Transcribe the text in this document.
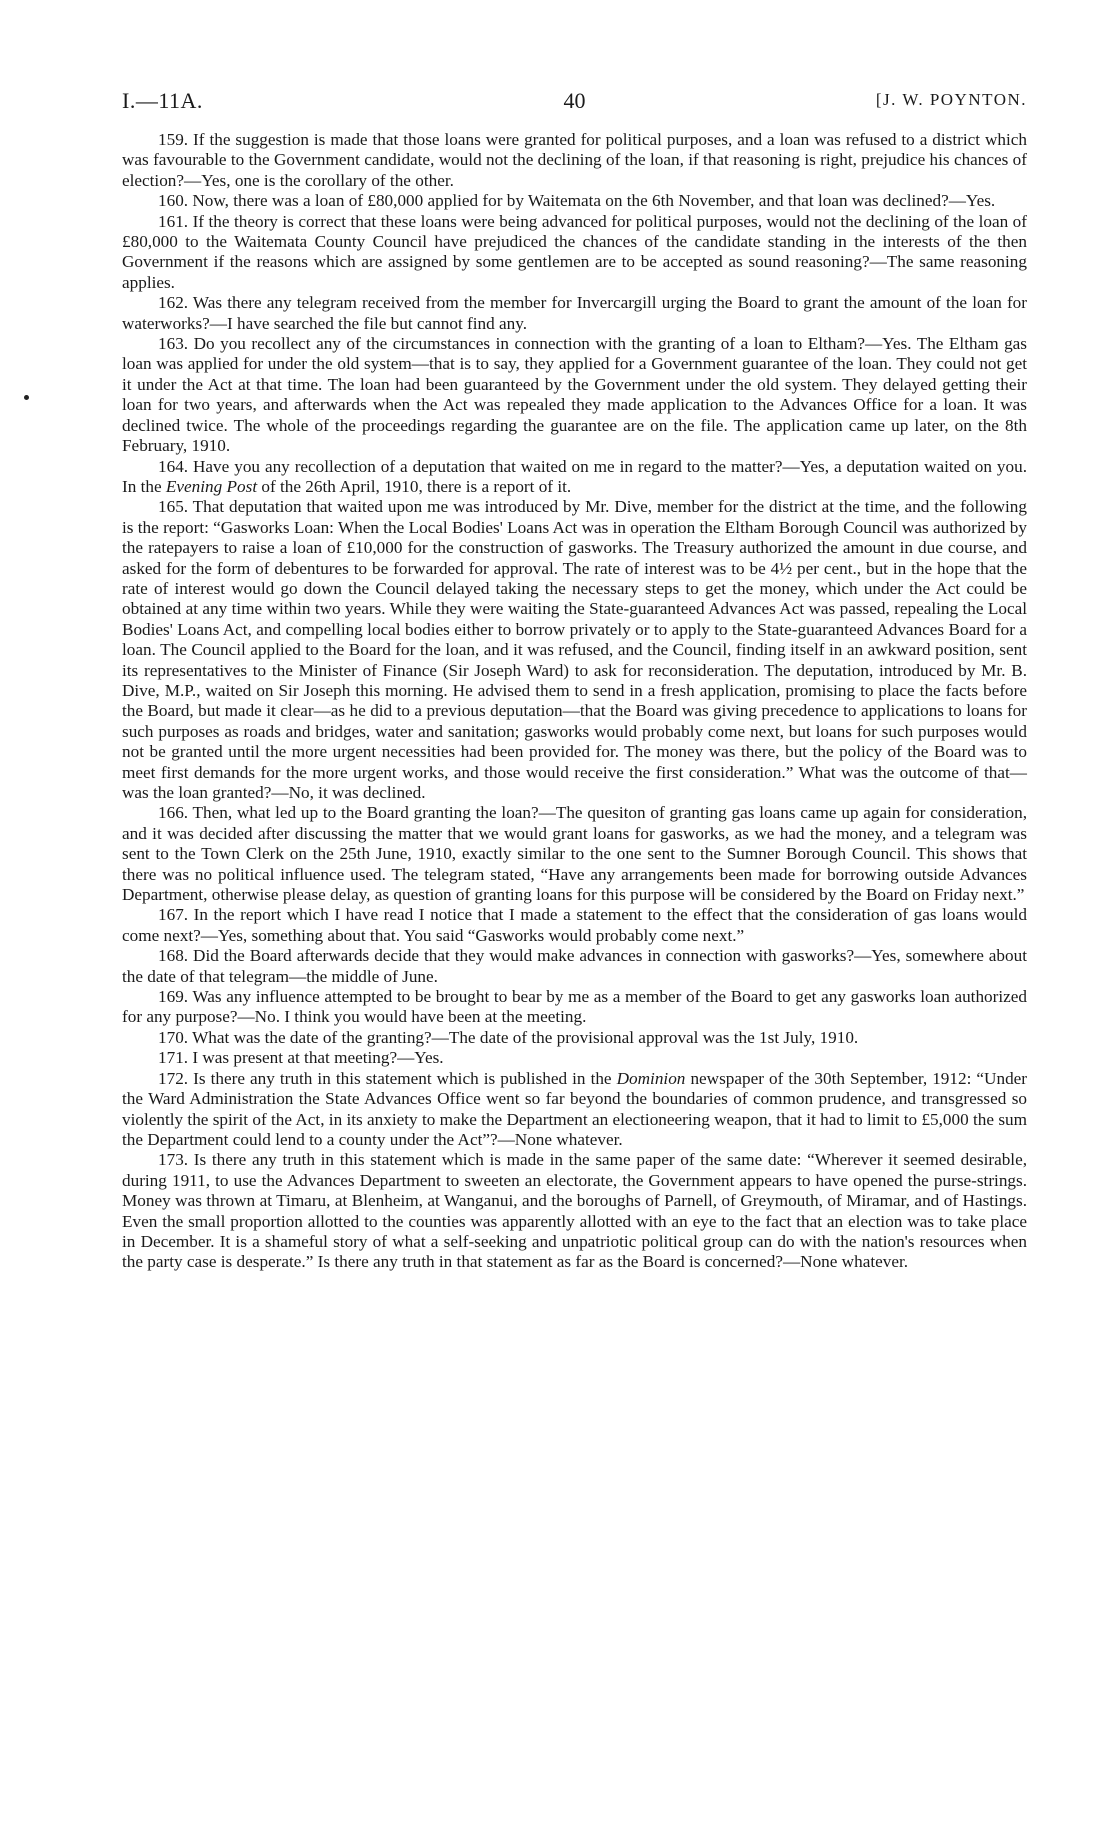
I.—11A.	40	[J. W. POYNTON.

159. If the suggestion is made that those loans were granted for political purposes, and a loan was refused to a district which was favourable to the Government candidate, would not the declining of the loan, if that reasoning is right, prejudice his chances of election?—Yes, one is the corollary of the other.

160. Now, there was a loan of £80,000 applied for by Waitemata on the 6th November, and that loan was declined?—Yes.

161. If the theory is correct that these loans were being advanced for political purposes, would not the declining of the loan of £80,000 to the Waitemata County Council have prejudiced the chances of the candidate standing in the interests of the then Government if the reasons which are assigned by some gentlemen are to be accepted as sound reasoning?—The same reasoning applies.

162. Was there any telegram received from the member for Invercargill urging the Board to grant the amount of the loan for waterworks?—I have searched the file but cannot find any.

163. Do you recollect any of the circumstances in connection with the granting of a loan to Eltham?—Yes. The Eltham gas loan was applied for under the old system—that is to say, they applied for a Government guarantee of the loan. They could not get it under the Act at that time. The loan had been guaranteed by the Government under the old system. They delayed getting their loan for two years, and afterwards when the Act was repealed they made application to the Advances Office for a loan. It was declined twice. The whole of the proceedings regarding the guarantee are on the file. The application came up later, on the 8th February, 1910.

164. Have you any recollection of a deputation that waited on me in regard to the matter?—Yes, a deputation waited on you. In the Evening Post of the 26th April, 1910, there is a report of it.

165. That deputation that waited upon me was introduced by Mr. Dive, member for the district at the time, and the following is the report: “Gasworks Loan: When the Local Bodies' Loans Act was in operation the Eltham Borough Council was authorized by the ratepayers to raise a loan of £10,000 for the construction of gasworks. The Treasury authorized the amount in due course, and asked for the form of debentures to be forwarded for approval. The rate of interest was to be 4½ per cent., but in the hope that the rate of interest would go down the Council delayed taking the necessary steps to get the money, which under the Act could be obtained at any time within two years. While they were waiting the State-guaranteed Advances Act was passed, repealing the Local Bodies' Loans Act, and compelling local bodies either to borrow privately or to apply to the State-guaranteed Advances Board for a loan. The Council applied to the Board for the loan, and it was refused, and the Council, finding itself in an awkward position, sent its representatives to the Minister of Finance (Sir Joseph Ward) to ask for reconsideration. The deputation, introduced by Mr. B. Dive, M.P., waited on Sir Joseph this morning. He advised them to send in a fresh application, promising to place the facts before the Board, but made it clear—as he did to a previous deputation—that the Board was giving precedence to applications to loans for such purposes as roads and bridges, water and sanitation; gasworks would probably come next, but loans for such purposes would not be granted until the more urgent necessities had been provided for. The money was there, but the policy of the Board was to meet first demands for the more urgent works, and those would receive the first consideration.” What was the outcome of that—was the loan granted?—No, it was declined.

166. Then, what led up to the Board granting the loan?—The quesiton of granting gas loans came up again for consideration, and it was decided after discussing the matter that we would grant loans for gasworks, as we had the money, and a telegram was sent to the Town Clerk on the 25th June, 1910, exactly similar to the one sent to the Sumner Borough Council. This shows that there was no political influence used. The telegram stated, “Have any arrangements been made for borrowing outside Advances Department, otherwise please delay, as question of granting loans for this purpose will be considered by the Board on Friday next.”

167. In the report which I have read I notice that I made a statement to the effect that the consideration of gas loans would come next?—Yes, something about that. You said “Gasworks would probably come next.”

168. Did the Board afterwards decide that they would make advances in connection with gasworks?—Yes, somewhere about the date of that telegram—the middle of June.

169. Was any influence attempted to be brought to bear by me as a member of the Board to get any gasworks loan authorized for any purpose?—No. I think you would have been at the meeting.

170. What was the date of the granting?—The date of the provisional approval was the 1st July, 1910.

171. I was present at that meeting?—Yes.

172. Is there any truth in this statement which is published in the Dominion newspaper of the 30th September, 1912: “Under the Ward Administration the State Advances Office went so far beyond the boundaries of common prudence, and transgressed so violently the spirit of the Act, in its anxiety to make the Department an electioneering weapon, that it had to limit to £5,000 the sum the Department could lend to a county under the Act”?—None whatever.

173. Is there any truth in this statement which is made in the same paper of the same date: “Wherever it seemed desirable, during 1911, to use the Advances Department to sweeten an electorate, the Government appears to have opened the purse-strings. Money was thrown at Timaru, at Blenheim, at Wanganui, and the boroughs of Parnell, of Greymouth, of Miramar, and of Hastings. Even the small proportion allotted to the counties was apparently allotted with an eye to the fact that an election was to take place in December. It is a shameful story of what a self-seeking and unpatriotic political group can do with the nation's resources when the party case is desperate.” Is there any truth in that statement as far as the Board is concerned?—None whatever.
